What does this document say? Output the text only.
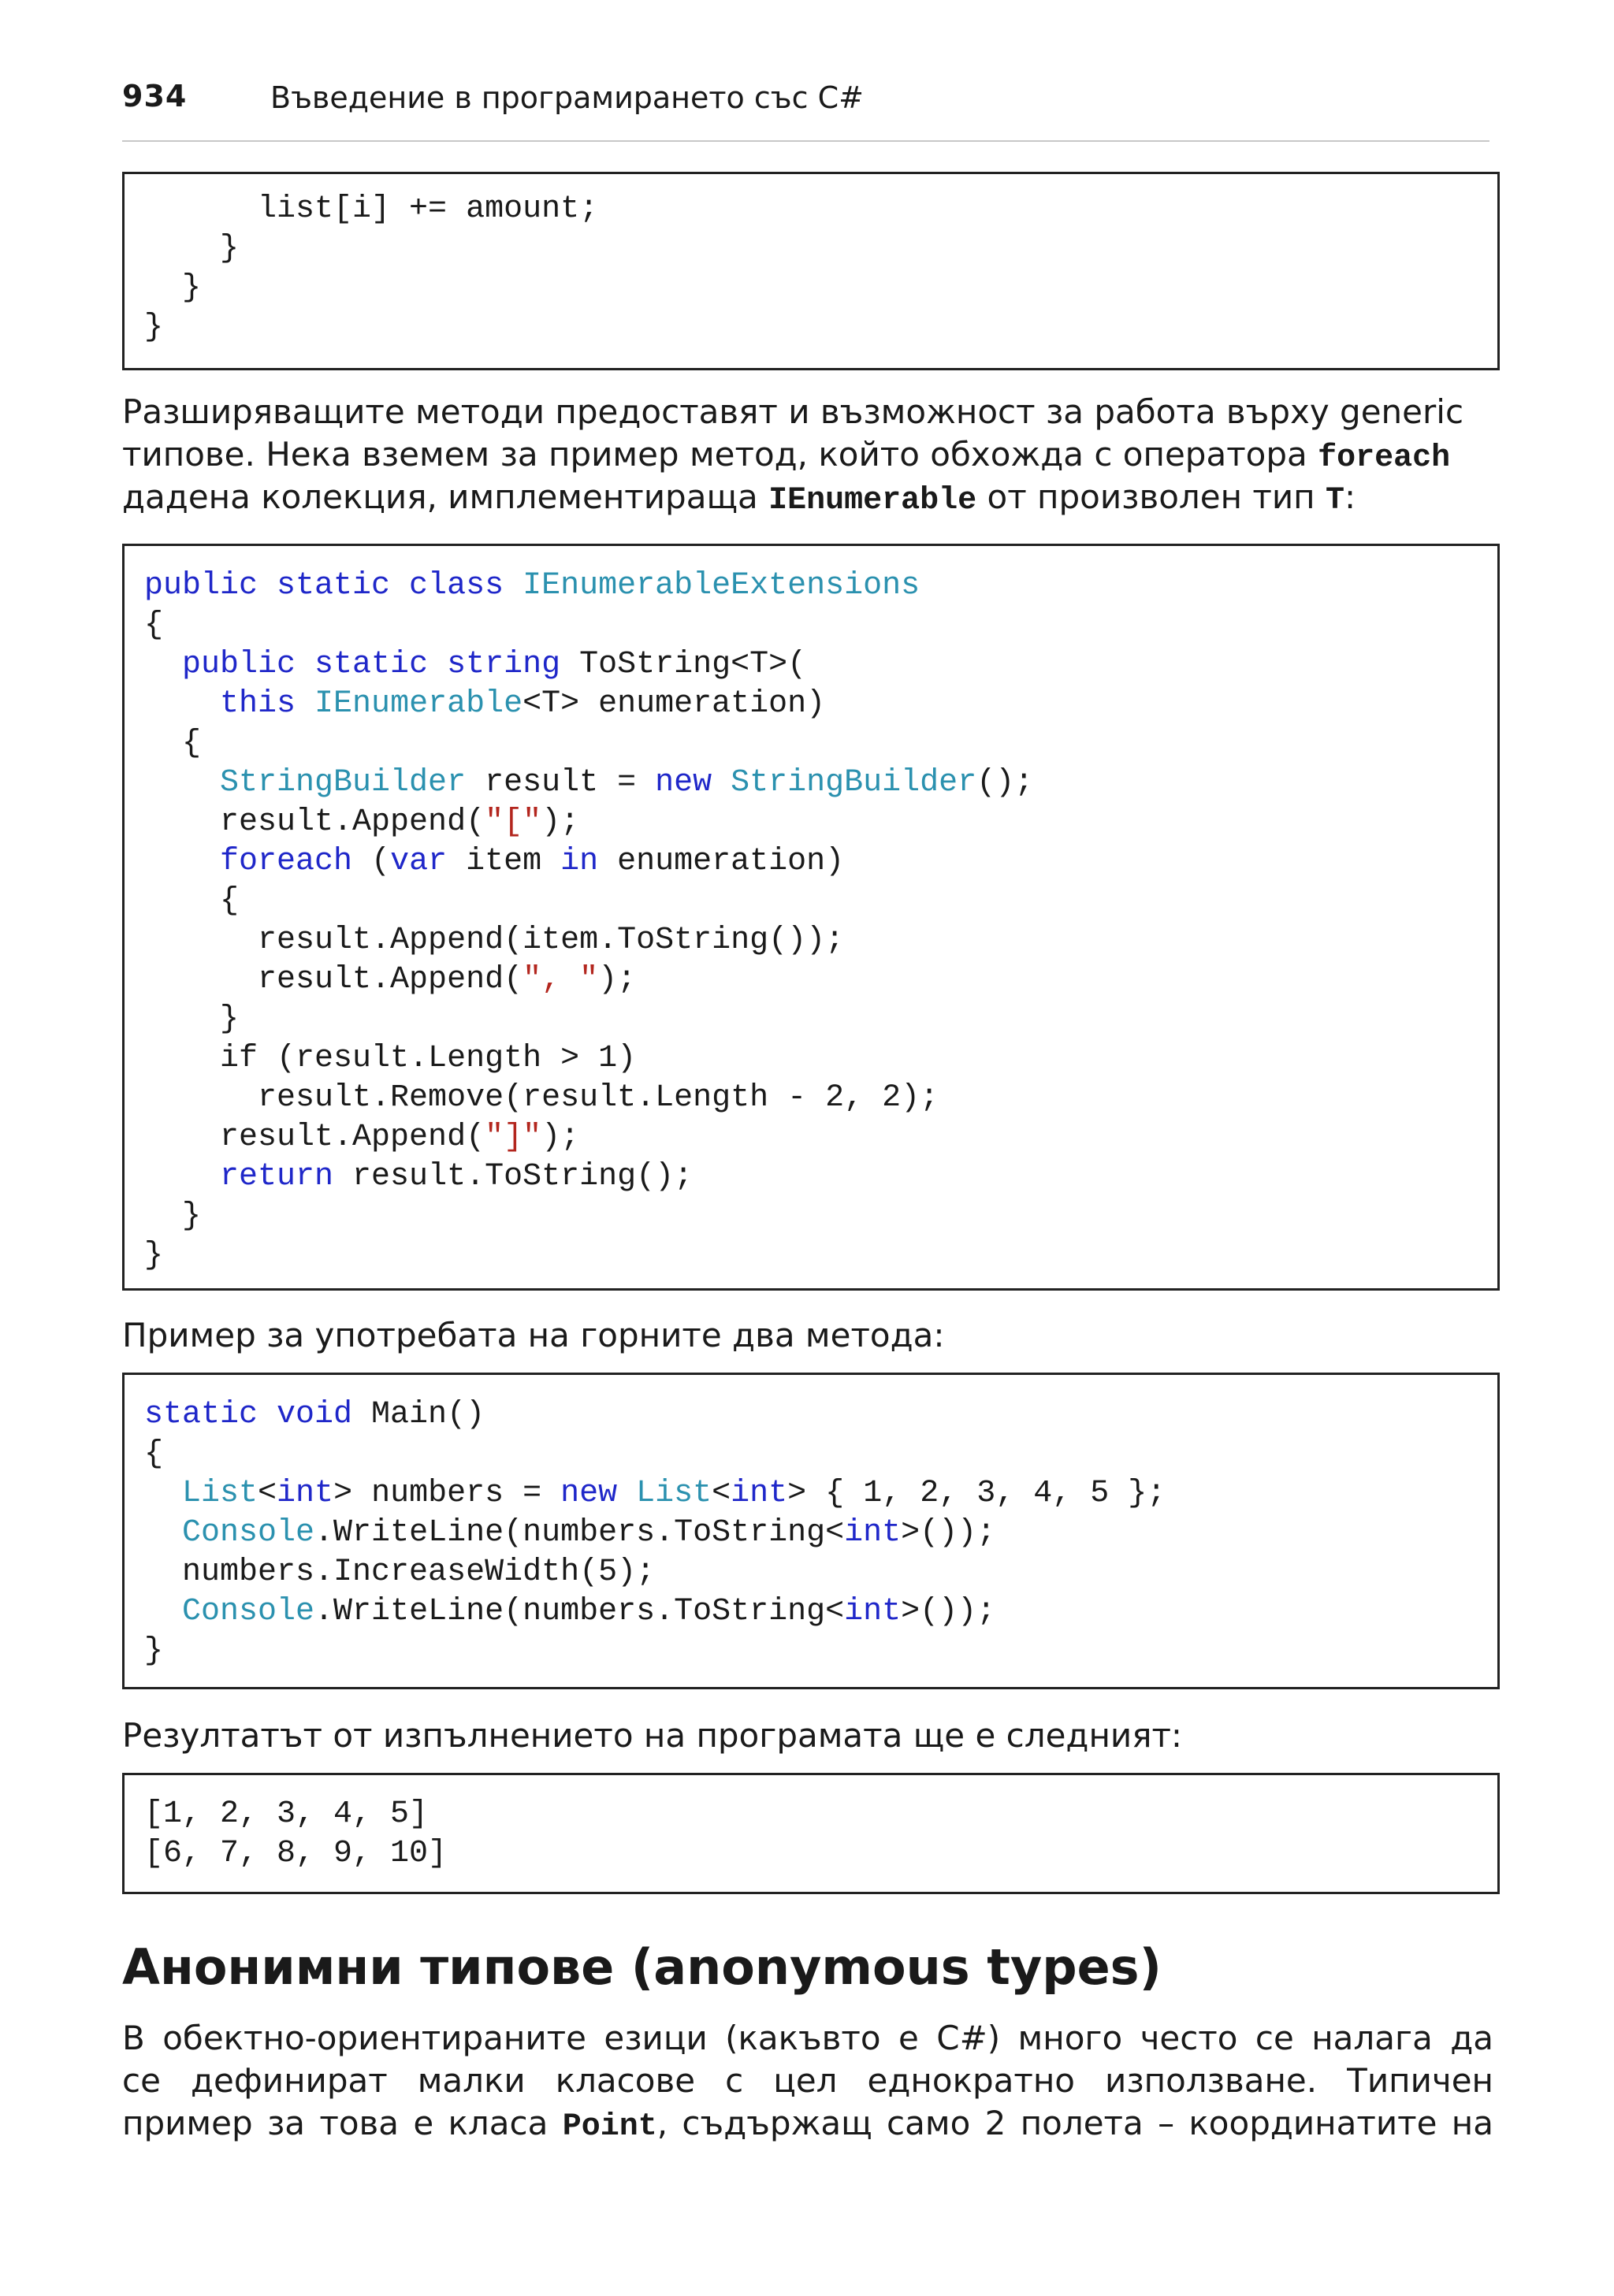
934	Въведение в програмирането със C#
list[i] += amount;
}
}
}
Разширяващите методи предоставят и възможност за работа върху generic
типове. Нека вземем за пример метод, който обхожда с оператора foreach
дадена колекция, имплементираща IEnumerable от произволен тип T:
public static class IEnumerableExtensions
{
public static string ToString<T>(
this IEnumerable<T> enumeration)
{
StringBuilder result = new StringBuilder();
result.Append("[");
foreach (var item in enumeration)
{
result.Append(item.ToString());
result.Append(", ");
}
if (result.Length > 1)
result.Remove(result.Length - 2, 2);
result.Append("]");
return result.ToString();
}
}
Пример за употребата на горните два метода:
static void Main()
{
List<int> numbers = new List<int> { 1, 2, 3, 4, 5 };
Console.WriteLine(numbers.ToString<int>());
numbers.IncreaseWidth(5);
Console.WriteLine(numbers.ToString<int>());
}
Резултатът от изпълнението на програмата ще е следният:
[1, 2, 3, 4, 5]
[6, 7, 8, 9, 10]
Анонимни типове (anonymous types)
В обектно-ориентираните езици (какъвто е C#) много често се налага да
се дефинират малки класове с цел еднократно използване. Типичен
пример за това е класа Point, съдържащ само 2 полета – координатите на
